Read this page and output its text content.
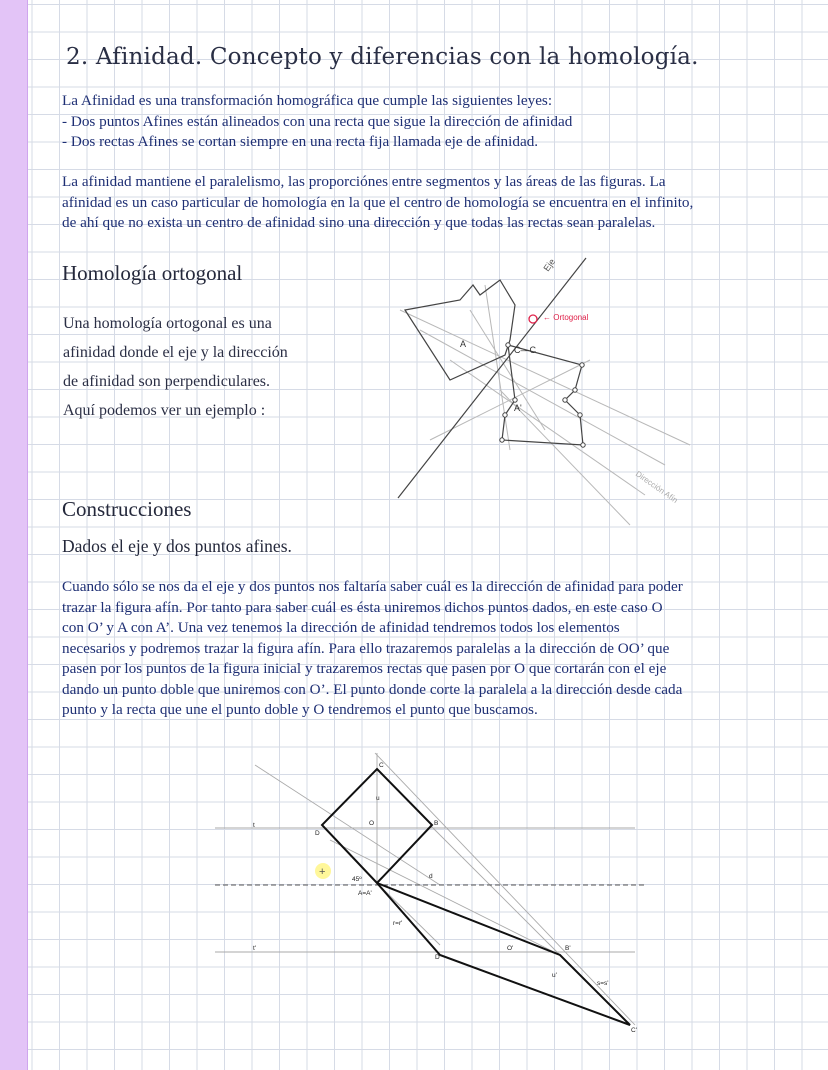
2. Afinidad. Concepto y diferencias con la homología.

La Afinidad es una transformación homográfica que cumple las siguientes leyes:
- Dos puntos Afines están alineados con una recta que sigue la dirección de afinidad
- Dos rectas Afines se cortan siempre en una recta fija llamada eje de afinidad.

La afinidad mantiene el paralelismo, las proporciónes entre segmentos y las áreas de las figuras. La
afinidad es un caso particular de homología en la que el centro de homología se encuentra en el infinito,
de ahí que no exista un centro de afinidad sino una dirección y que todas las rectas sean paralelas.

Homología ortogonal

Una homología ortogonal es una
afinidad donde el eje y la dirección
de afinidad son perpendiculares.
Aquí podemos ver un ejemplo :

Eje
← Ortogonal
Dirección Afín
A
A'
C—C
Construcciones

Dados el eje y dos puntos afines.

Cuando sólo se nos da el eje y dos puntos nos faltaría saber cuál es la dirección de afinidad para poder
trazar la figura afín. Por tanto para saber cuál es ésta uniremos dichos puntos dados, en este caso O
con O’ y A con A’. Una vez tenemos la dirección de afinidad tendremos todos los elementos
necesarios y podremos trazar la figura afín. Para ello trazaremos paralelas a la dirección de OO’ que
pasen por los puntos de la figura inicial y trazaremos rectas que pasen por O que cortarán con el eje
dando un punto doble que uniremos con O’. El punto donde corte la paralela a la dirección desde cada
punto y la recta que une el punto doble y O tendremos el punto que buscamos.

+
C
u
O	B
D
t
45º
A=A'
d
r=r'
O'	B'
D'
t'
u'
s=s'
C'
